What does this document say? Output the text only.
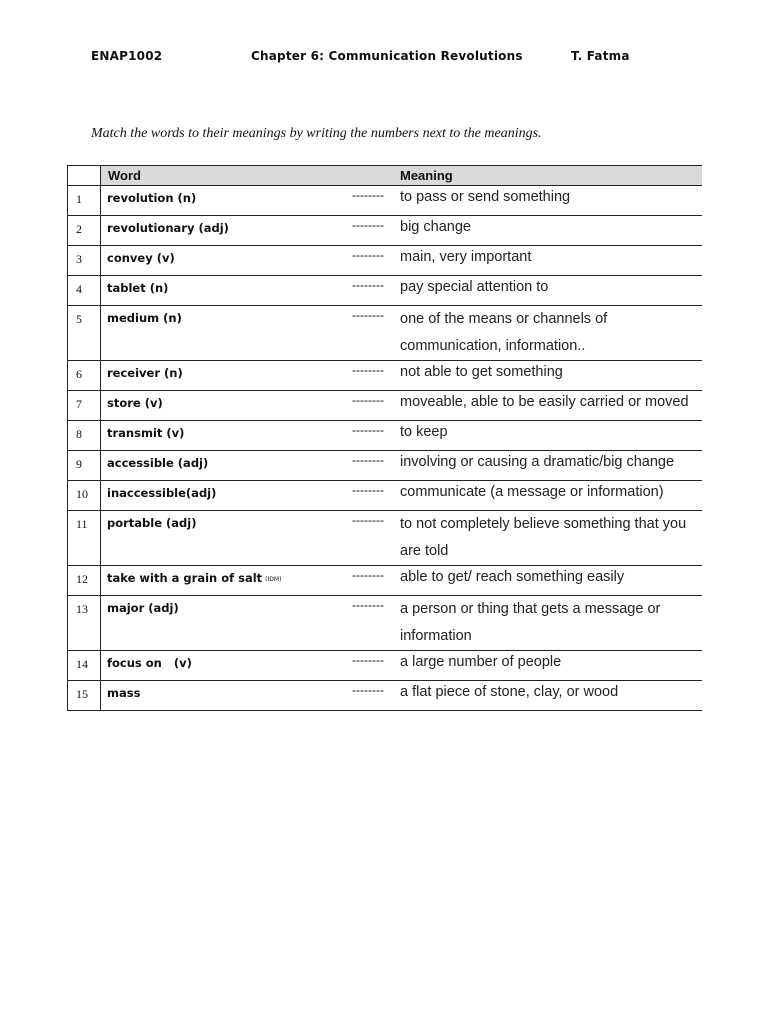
ENAP1002	Chapter 6: Communication Revolutions	T. Fatma
Match the words to their meanings by writing the numbers next to the meanings.
	Word		Meaning
1	revolution (n)	--------	to pass or send something
2	revolutionary (adj)	--------	big change
3	convey (v)	--------	main, very important
4	tablet (n)	--------	pay special attention to
5	medium (n)	--------	one of the means or channels of communication, information..
6	receiver (n)	--------	not able to get something
7	store (v)	--------	moveable, able to be easily carried or moved
8	transmit (v)	--------	to keep
9	accessible (adj)	--------	involving or causing a dramatic/big change
10	inaccessible(adj)	--------	communicate (a message or information)
11	portable (adj)	--------	to not completely believe something that you are told
12	take with a grain of salt (IDM)	--------	able to get/ reach something easily
13	major (adj)	--------	a person or thing that gets a message or information
14	focus on   (v)	--------	a large number of people
15	mass	--------	a flat piece of stone, clay, or wood
